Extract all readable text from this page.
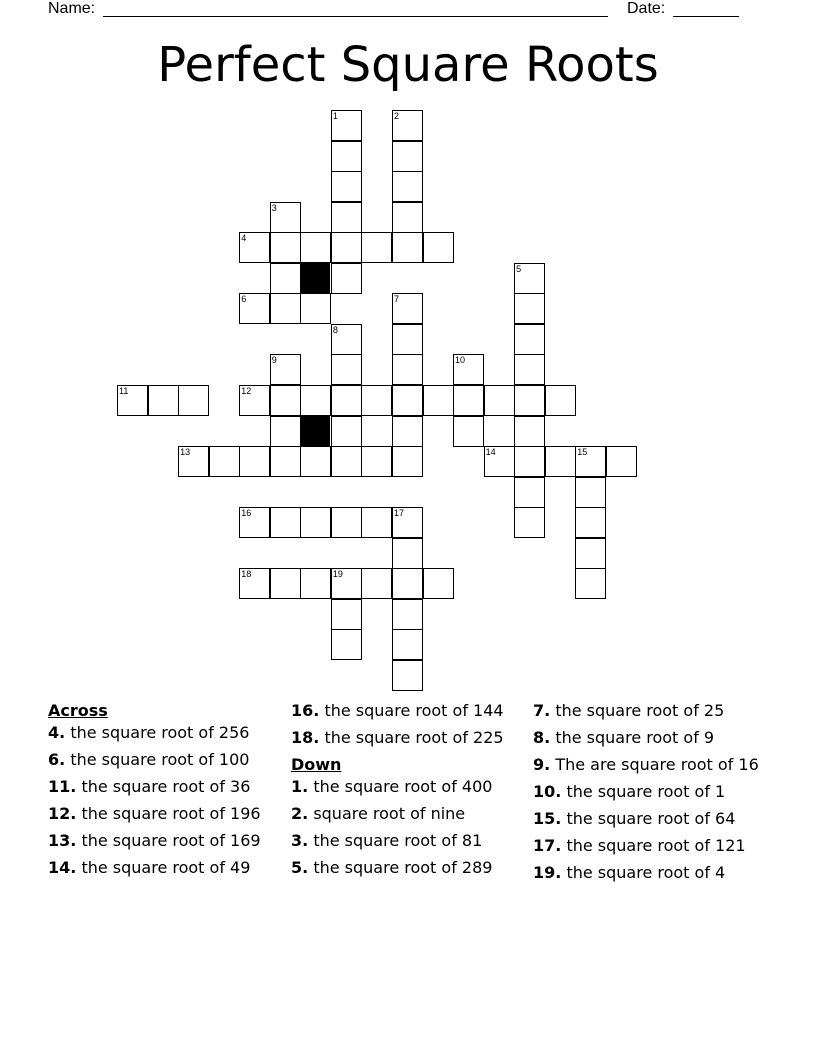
Name:	Date:
Perfect Square Roots
1	2
3
4
5
6	7
8
9	10
11	12
13	14	15
16	17
18	19
Across
4. the square root of 256
6. the square root of 100
11. the square root of 36
12. the square root of 196
13. the square root of 169
14. the square root of 49
16. the square root of 144
18. the square root of 225
Down
1. the square root of 400
2. square root of nine
3. the square root of 81
5. the square root of 289
7. the square root of 25
8. the square root of 9
9. The are square root of 16
10. the square root of 1
15. the square root of 64
17. the square root of 121
19. the square root of 4
